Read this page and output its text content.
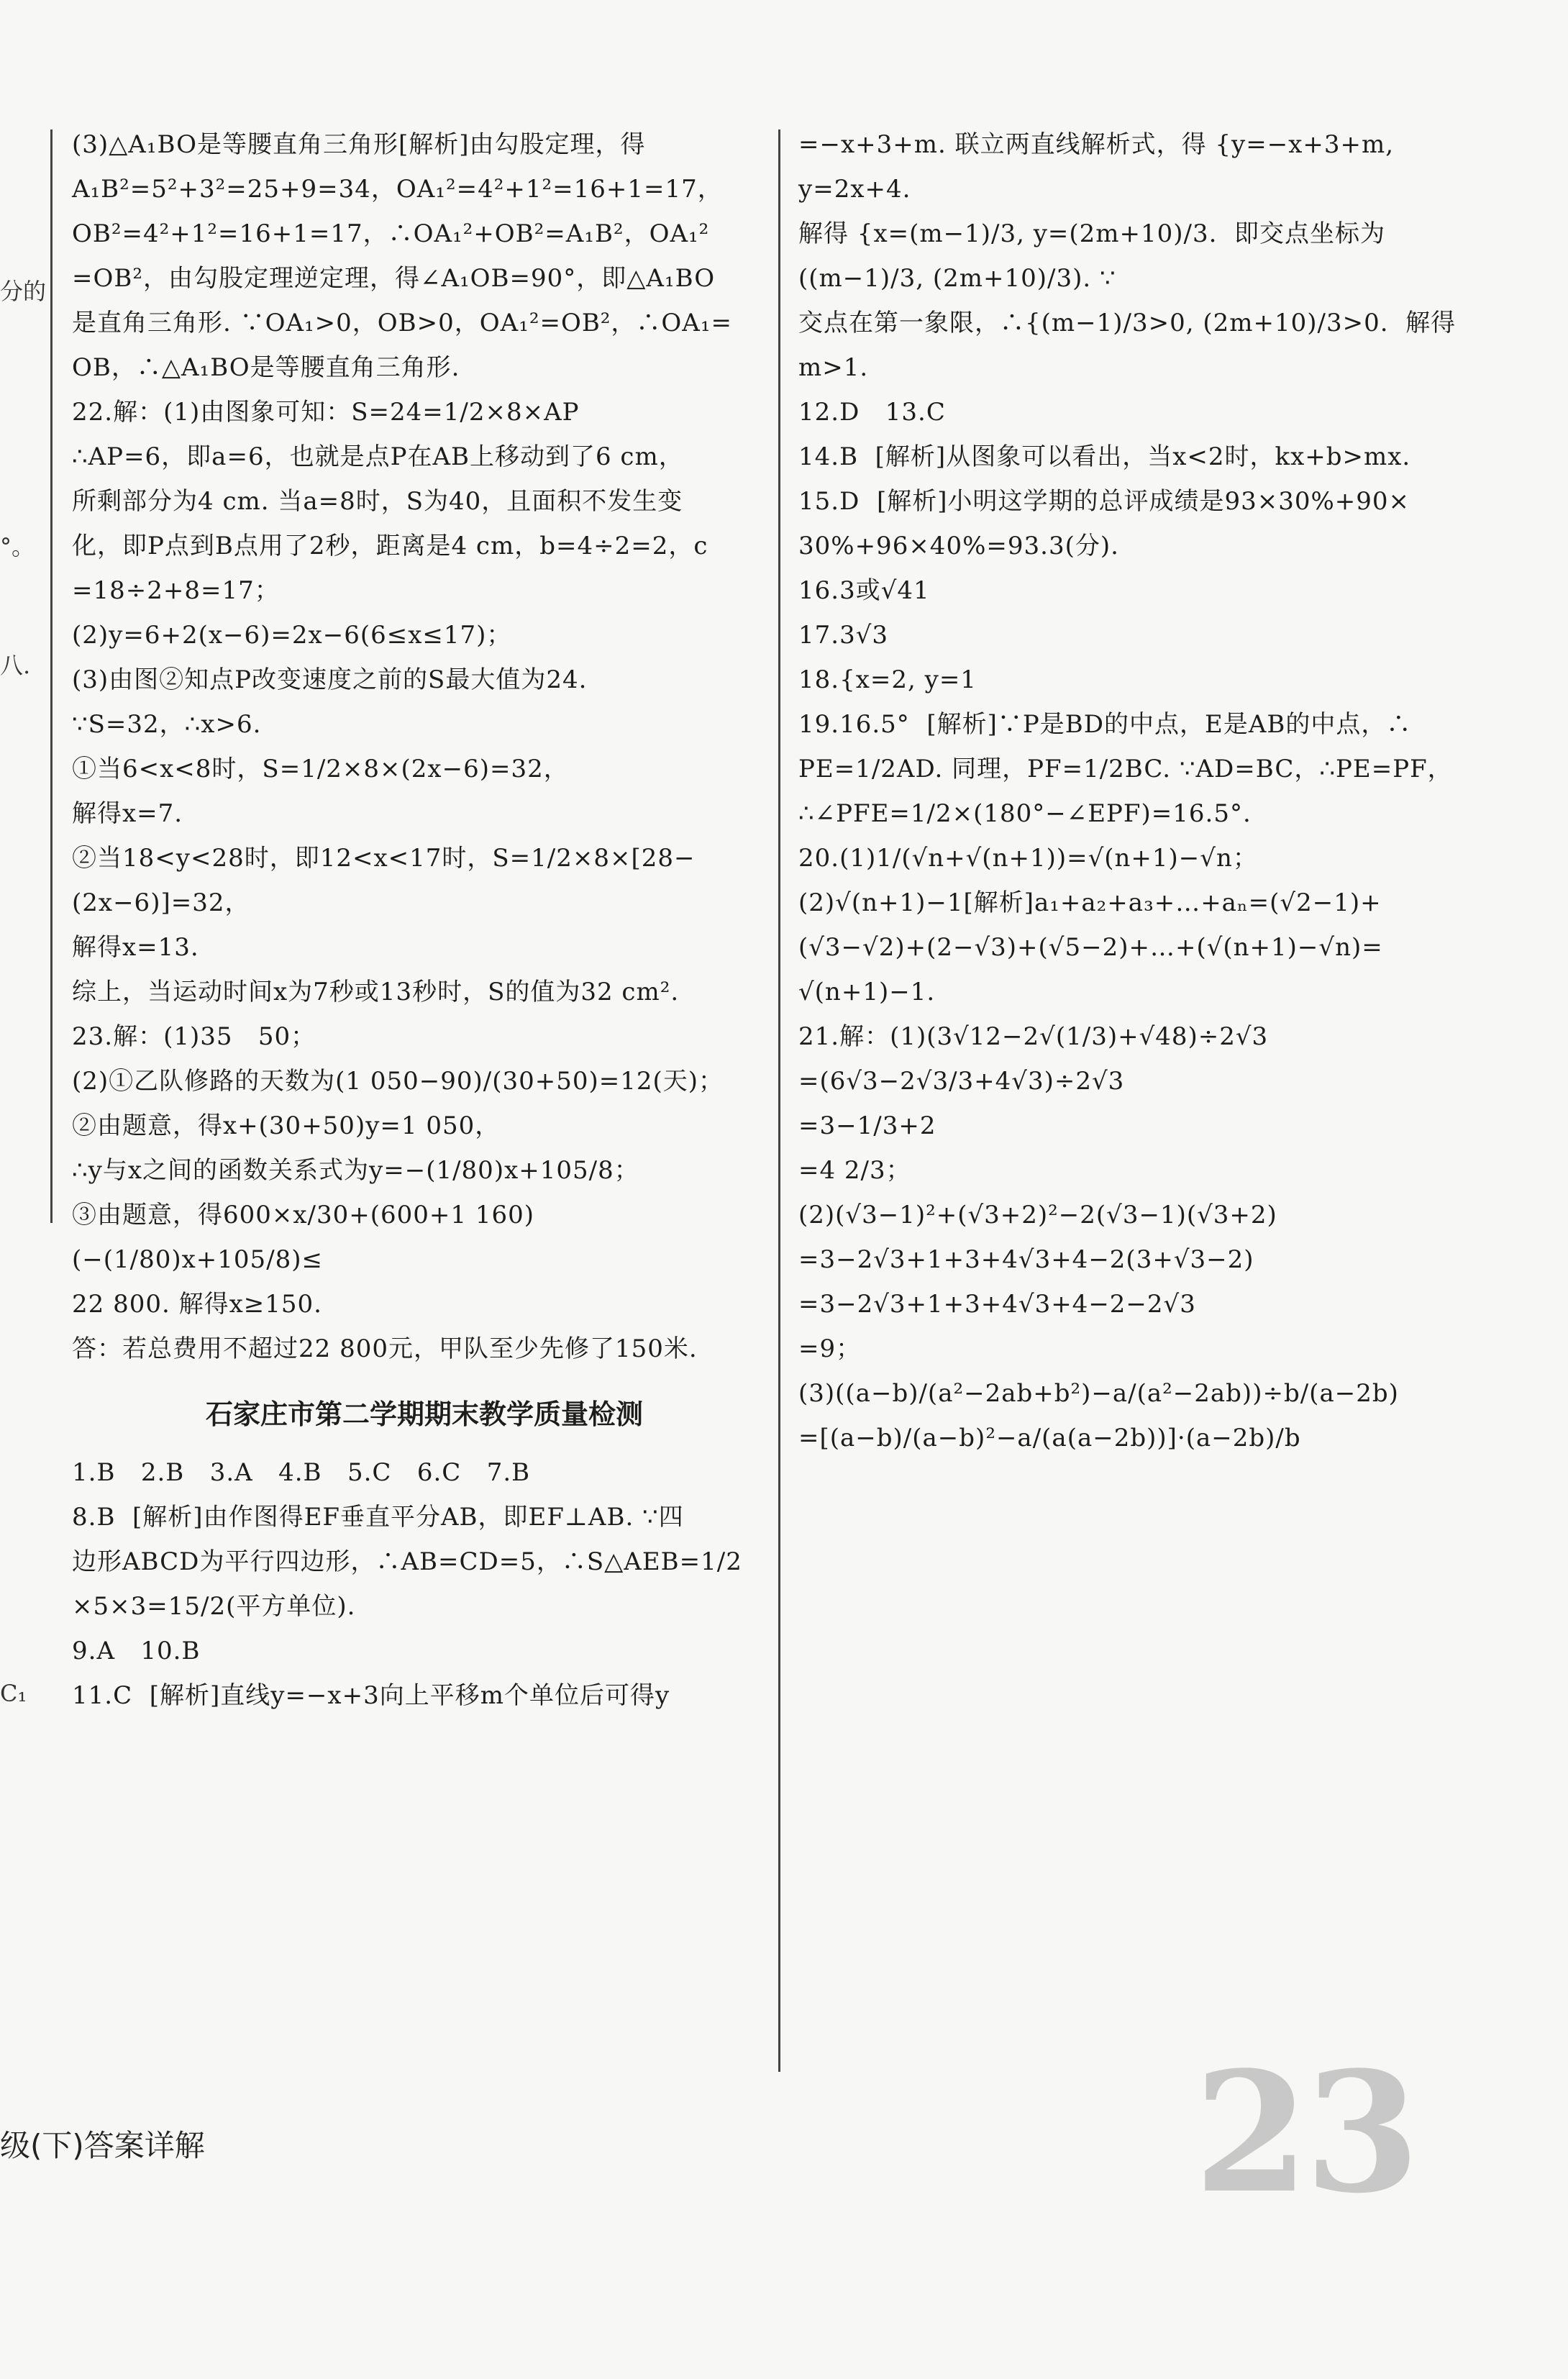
分的
°。
八.
C₁
(3)△A₁BO是等腰直角三角形[解析]由勾股定理，得
A₁B²=5²+3²=25+9=34，OA₁²=4²+1²=16+1=17，
OB²=4²+1²=16+1=17，∴OA₁²+OB²=A₁B²，OA₁²
=OB²，由勾股定理逆定理，得∠A₁OB=90°，即△A₁BO
是直角三角形. ∵OA₁>0，OB>0，OA₁²=OB²，∴OA₁=
OB，∴△A₁BO是等腰直角三角形.
22.解：(1)由图象可知：S=24=1/2×8×AP
∴AP=6，即a=6，也就是点P在AB上移动到了6 cm，
所剩部分为4 cm. 当a=8时，S为40，且面积不发生变
化，即P点到B点用了2秒，距离是4 cm，b=4÷2=2，c
=18÷2+8=17；
(2)y=6+2(x−6)=2x−6(6≤x≤17)；
(3)由图②知点P改变速度之前的S最大值为24.
∵S=32，∴x>6.
①当6<x<8时，S=1/2×8×(2x−6)=32，
解得x=7.
②当18<y<28时，即12<x<17时，S=1/2×8×[28−
(2x−6)]=32，
解得x=13.
综上，当运动时间x为7秒或13秒时，S的值为32 cm².
23.解：(1)35   50；
(2)①乙队修路的天数为(1 050−90)/(30+50)=12(天)；
②由题意，得x+(30+50)y=1 050，
∴y与x之间的函数关系式为y=−(1/80)x+105/8；
③由题意，得600×x/30+(600+1 160)(−(1/80)x+105/8)≤
22 800. 解得x≥150.
答：若总费用不超过22 800元，甲队至少先修了150米.
石家庄市第二学期期末教学质量检测
1.B   2.B   3.A   4.B   5.C   6.C   7.B
8.B  [解析]由作图得EF垂直平分AB，即EF⊥AB. ∵四
边形ABCD为平行四边形，∴AB=CD=5，∴S△AEB=1/2
×5×3=15/2(平方单位).
9.A   10.B
11.C  [解析]直线y=−x+3向上平移m个单位后可得y
=−x+3+m. 联立两直线解析式，得 {y=−x+3+m, y=2x+4.
解得 {x=(m−1)/3, y=(2m+10)/3.  即交点坐标为((m−1)/3, (2m+10)/3). ∵
交点在第一象限，∴{(m−1)/3>0, (2m+10)/3>0.  解得m>1.
12.D   13.C
14.B  [解析]从图象可以看出，当x<2时，kx+b>mx.
15.D  [解析]小明这学期的总评成绩是93×30%+90×
30%+96×40%=93.3(分).
16.3或√41
17.3√3
18.{x=2, y=1
19.16.5°  [解析]∵P是BD的中点，E是AB的中点，∴
PE=1/2AD. 同理，PF=1/2BC. ∵AD=BC，∴PE=PF，
∴∠PFE=1/2×(180°−∠EPF)=16.5°.
20.(1)1/(√n+√(n+1))=√(n+1)−√n；
(2)√(n+1)−1[解析]a₁+a₂+a₃+…+aₙ=(√2−1)+
(√3−√2)+(2−√3)+(√5−2)+…+(√(n+1)−√n)=
√(n+1)−1.
21.解：(1)(3√12−2√(1/3)+√48)÷2√3
=(6√3−2√3/3+4√3)÷2√3
=3−1/3+2
=4 2/3；
(2)(√3−1)²+(√3+2)²−2(√3−1)(√3+2)
=3−2√3+1+3+4√3+4−2(3+√3−2)
=3−2√3+1+3+4√3+4−2−2√3
=9；
(3)((a−b)/(a²−2ab+b²)−a/(a²−2ab))÷b/(a−2b)
=[(a−b)/(a−b)²−a/(a(a−2b))]·(a−2b)/b
级(下)答案详解	23
